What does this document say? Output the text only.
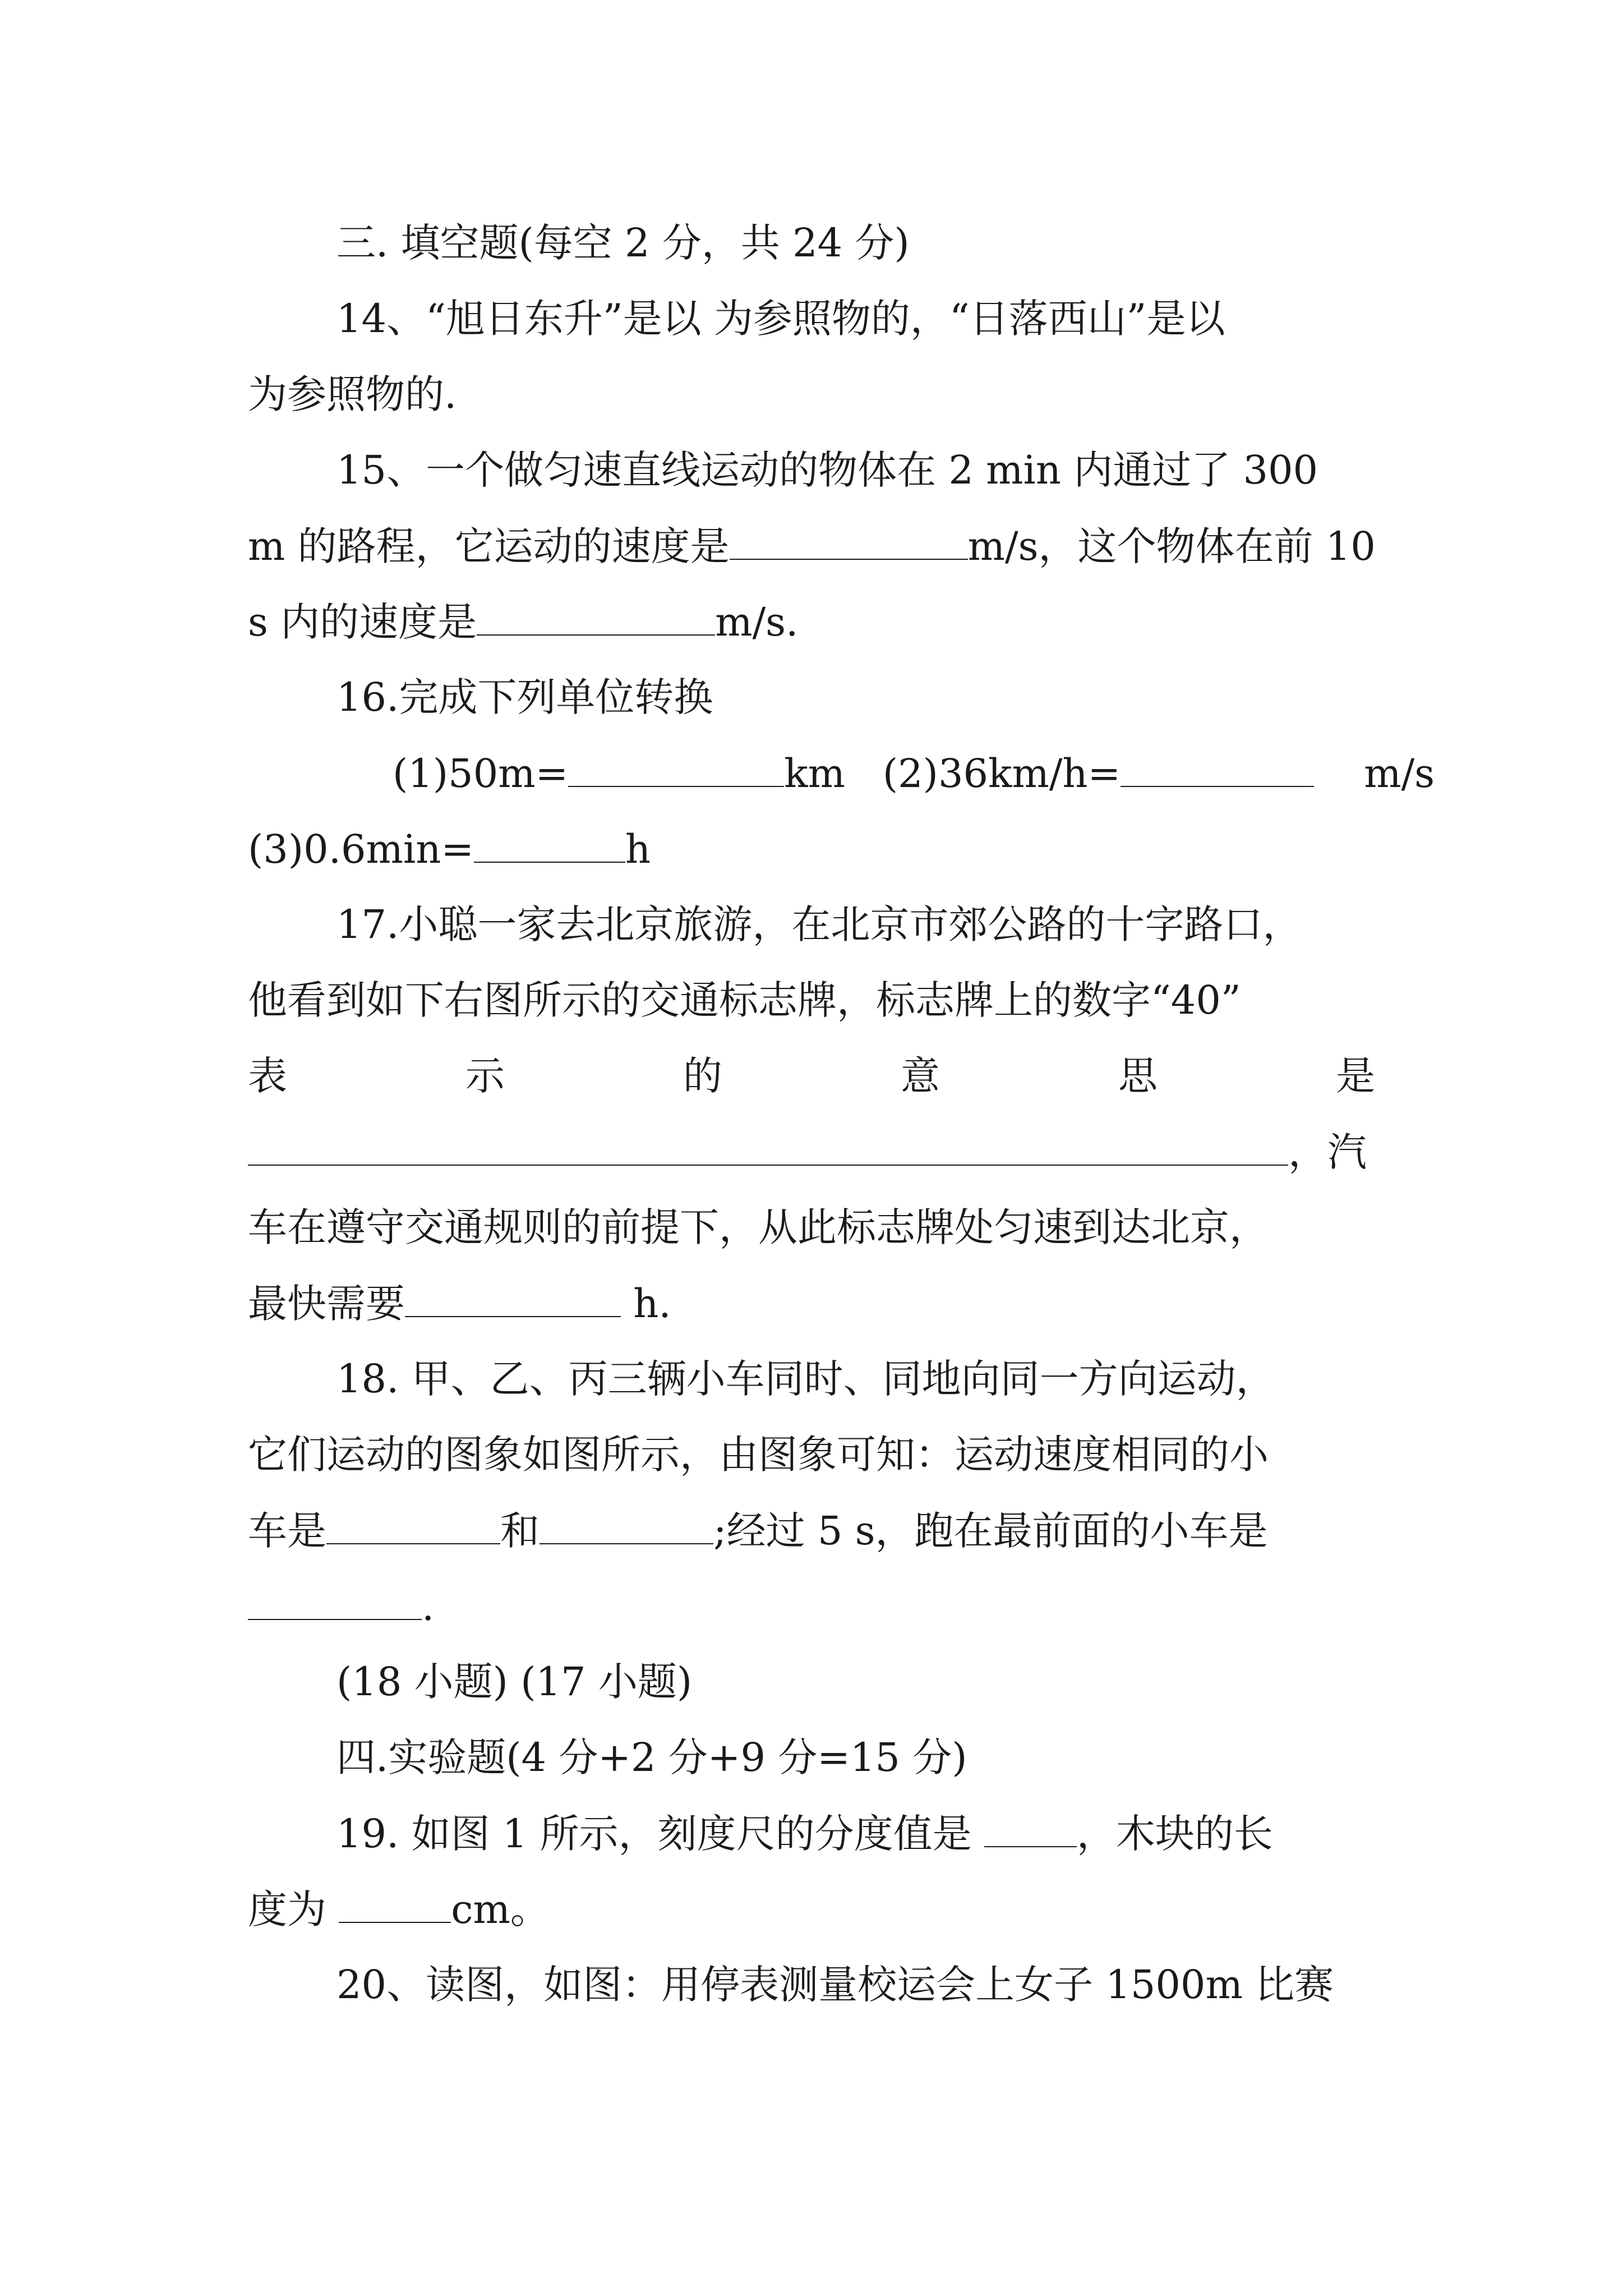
三. 填空题(每空 2 分，共 24 分)
14、“旭日东升”是以 为参照物的，“日落西山”是以
为参照物的.
15、一个做匀速直线运动的物体在 2 min 内通过了 300
m 的路程，它运动的速度是	m/s，这个物体在前 10
s 内的速度是	m/s.
16.完成下列单位转换
(1)50m=	km (2)36km/h=	m/s
(3)0.6min=	h
17.小聪一家去北京旅游，在北京市郊公路的十字路口，
他看到如下右图所示的交通标志牌，标志牌上的数字“40”
表	示	的	意	思	是
，汽
车在遵守交通规则的前提下，从此标志牌处匀速到达北京，
最快需要	h.
18. 甲、乙、丙三辆小车同时、同地向同一方向运动，
它们运动的图象如图所示，由图象可知：运动速度相同的小
车是	和	;经过 5 s，跑在最前面的小车是
.
(18 小题) (17 小题)
四.实验题(4 分+2 分+9 分=15 分)
19. 如图 1 所示，刻度尺的分度值是	，木块的长
度为	cm。
20、读图，如图：用停表测量校运会上女子 1500m 比赛
